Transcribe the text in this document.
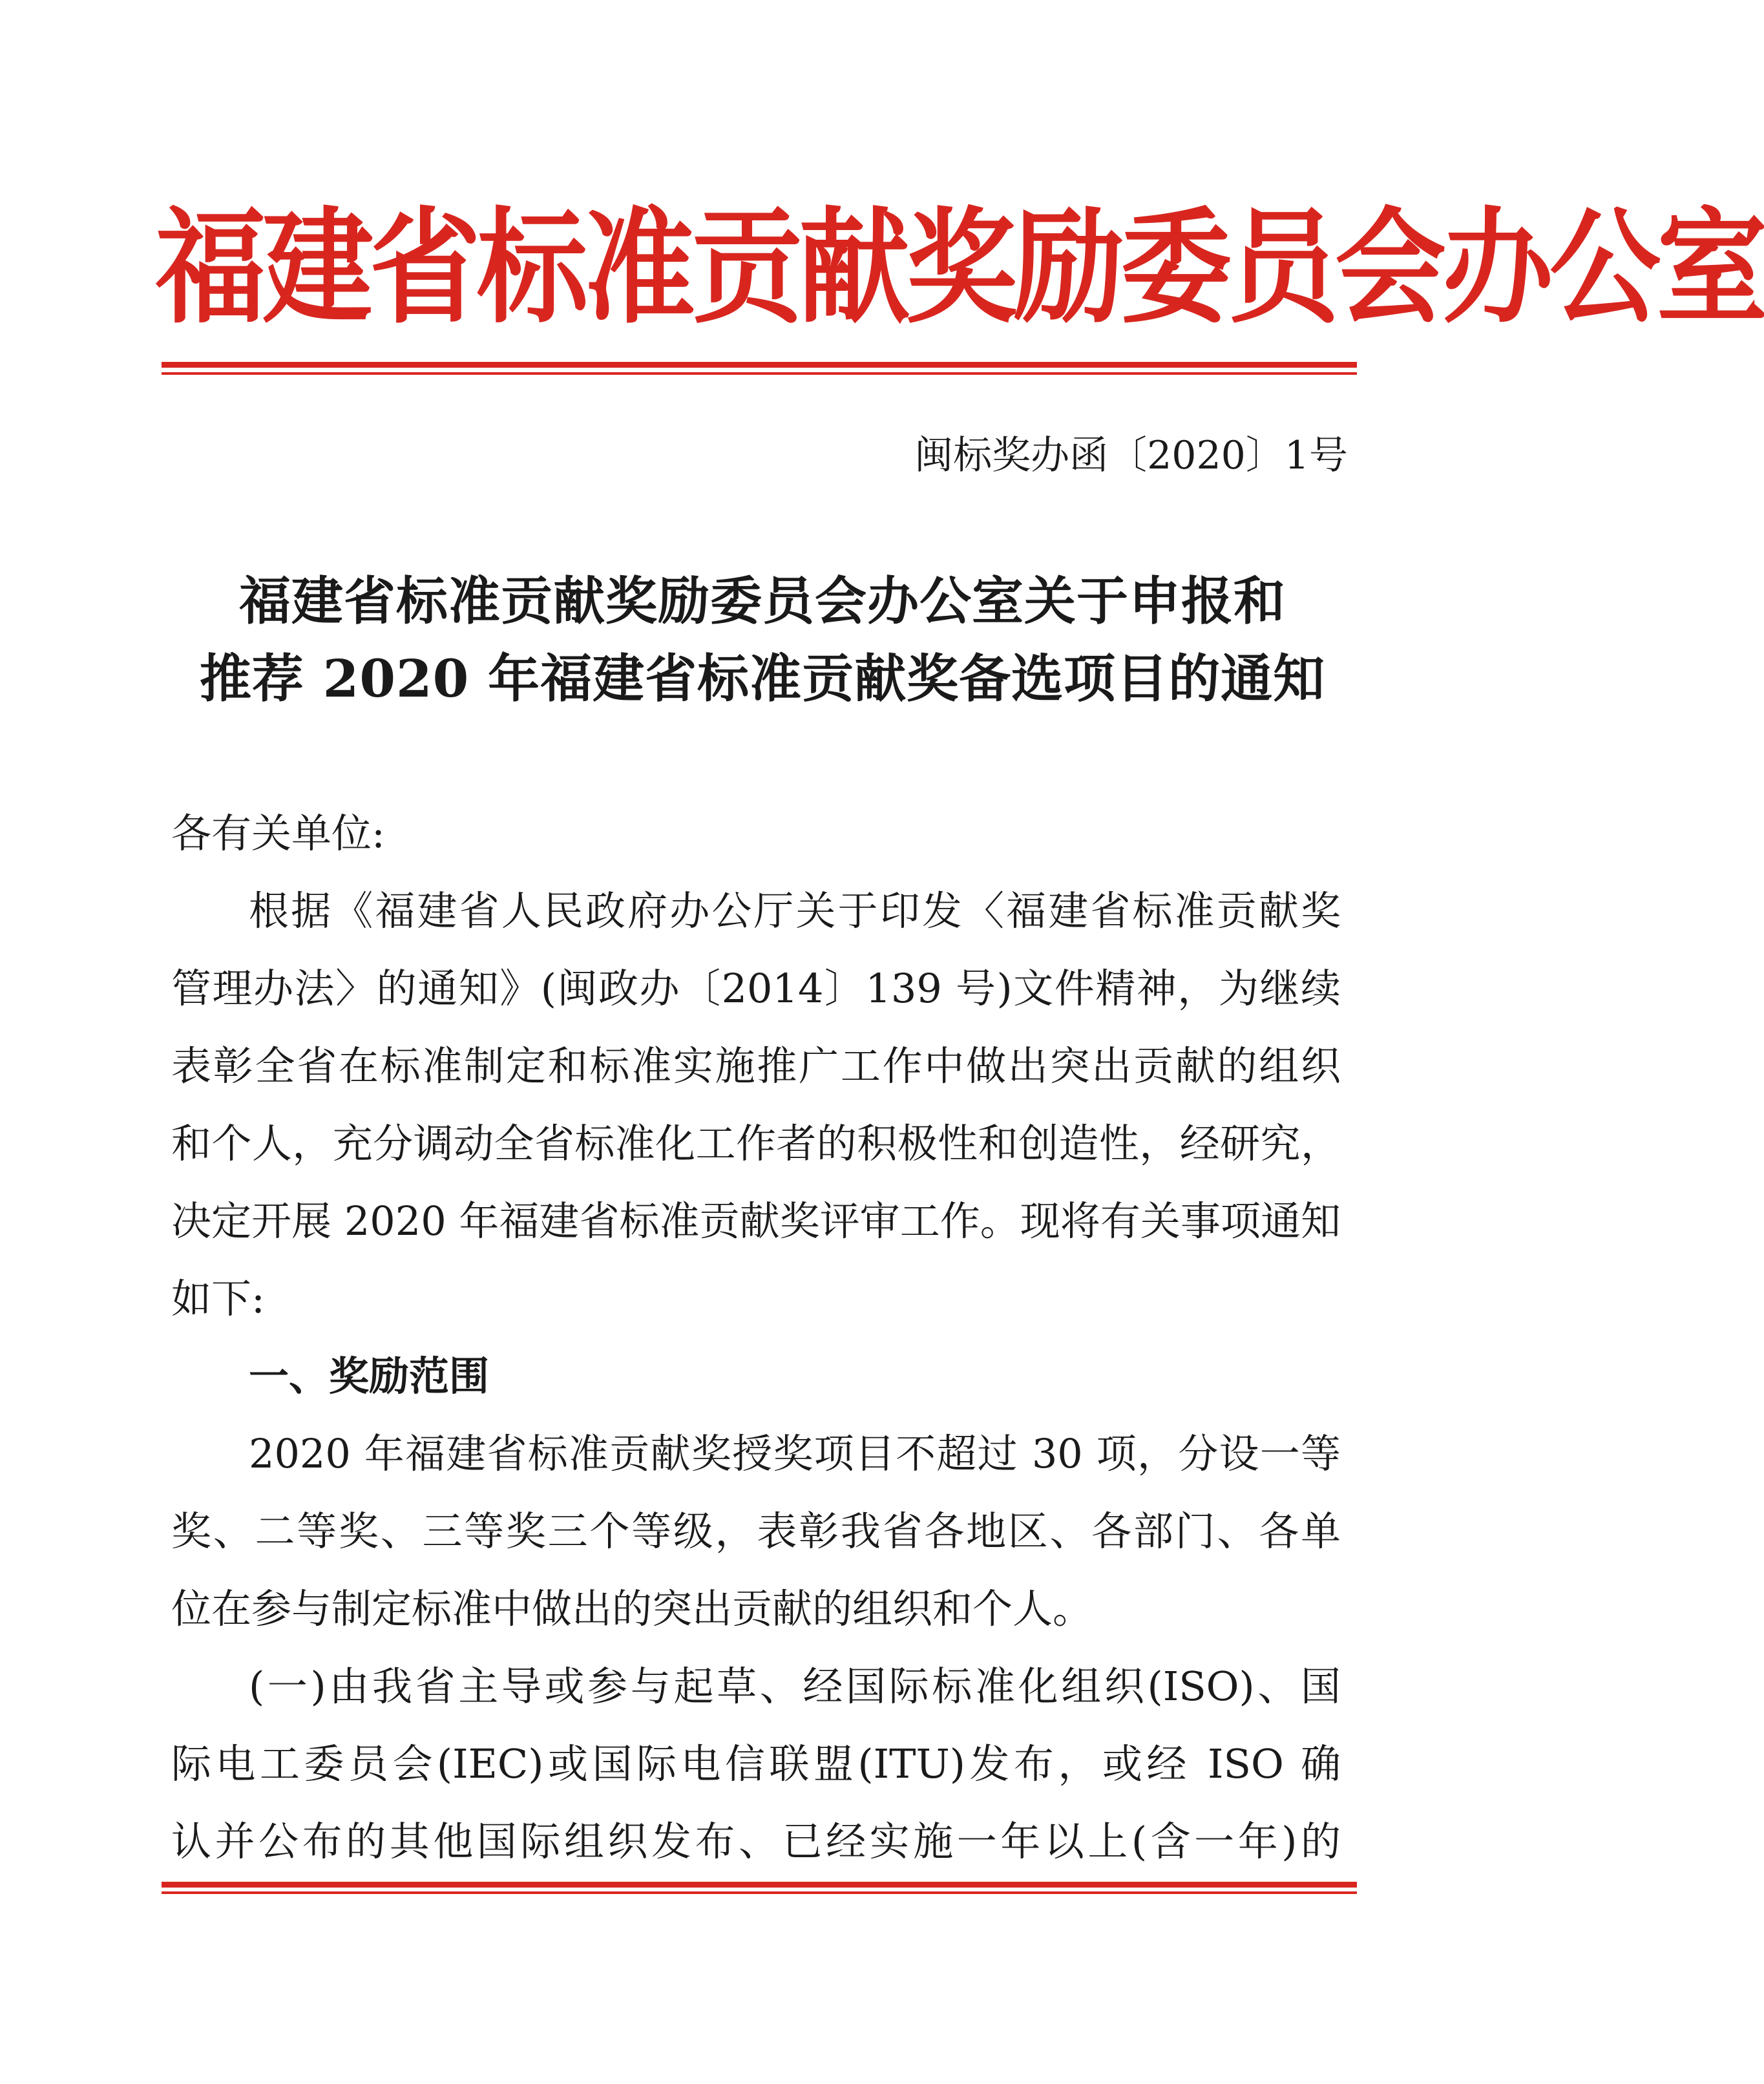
福建省标准贡献奖励委员会办公室
闽标奖办函〔2020〕1号
福建省标准贡献奖励委员会办公室关于申报和
推荐 2020 年福建省标准贡献奖备选项目的通知
各有关单位:
根据《福建省人民政府办公厅关于印发〈福建省标准贡献奖
管理办法〉的通知》(闽政办〔2014〕139 号)文件精神，为继续
表彰全省在标准制定和标准实施推广工作中做出突出贡献的组织
和个人，充分调动全省标准化工作者的积极性和创造性，经研究，
决定开展 2020 年福建省标准贡献奖评审工作。现将有关事项通知
如下:
一、奖励范围
2020 年福建省标准贡献奖授奖项目不超过 30 项，分设一等
奖、二等奖、三等奖三个等级，表彰我省各地区、各部门、各单
位在参与制定标准中做出的突出贡献的组织和个人。
(一)由我省主导或参与起草、经国际标准化组织(ISO)、国
际电工委员会(IEC)或国际电信联盟(ITU)发布，或经 ISO 确
认并公布的其他国际组织发布、已经实施一年以上(含一年)的
